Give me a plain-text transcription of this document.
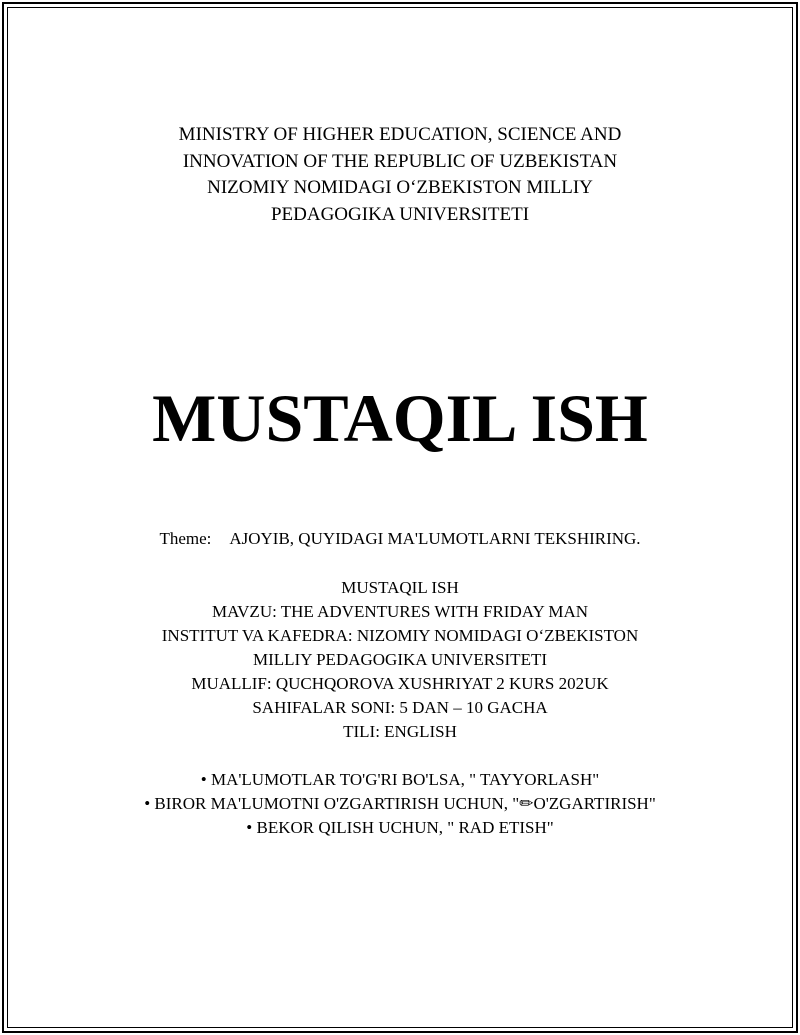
MINISTRY OF HIGHER EDUCATION, SCIENCE AND
INNOVATION OF THE REPUBLIC OF UZBEKISTAN
NIZOMIY NOMIDAGI O‘ZBEKISTON MILLIY
PEDAGOGIKA UNIVERSITETI
MUSTAQIL ISH
Theme: AJOYIB, QUYIDAGI MA'LUMOTLARNI TEKSHIRING.
MUSTAQIL ISH
MAVZU: THE ADVENTURES WITH FRIDAY MAN
INSTITUT VA KAFEDRA: NIZOMIY NOMIDAGI O‘ZBEKISTON
MILLIY PEDAGOGIKA UNIVERSITETI
MUALLIF: QUCHQOROVA XUSHRIYAT 2 KURS 202UK
SAHIFALAR SONI: 5 DAN – 10 GACHA
TILI: ENGLISH
• MA'LUMOTLAR TO'G'RI BO'LSA, " TAYYORLASH"
• BIROR MA'LUMOTNI O'ZGARTIRISH UCHUN, "✏O'ZGARTIRISH"
• BEKOR QILISH UCHUN, " RAD ETISH"
